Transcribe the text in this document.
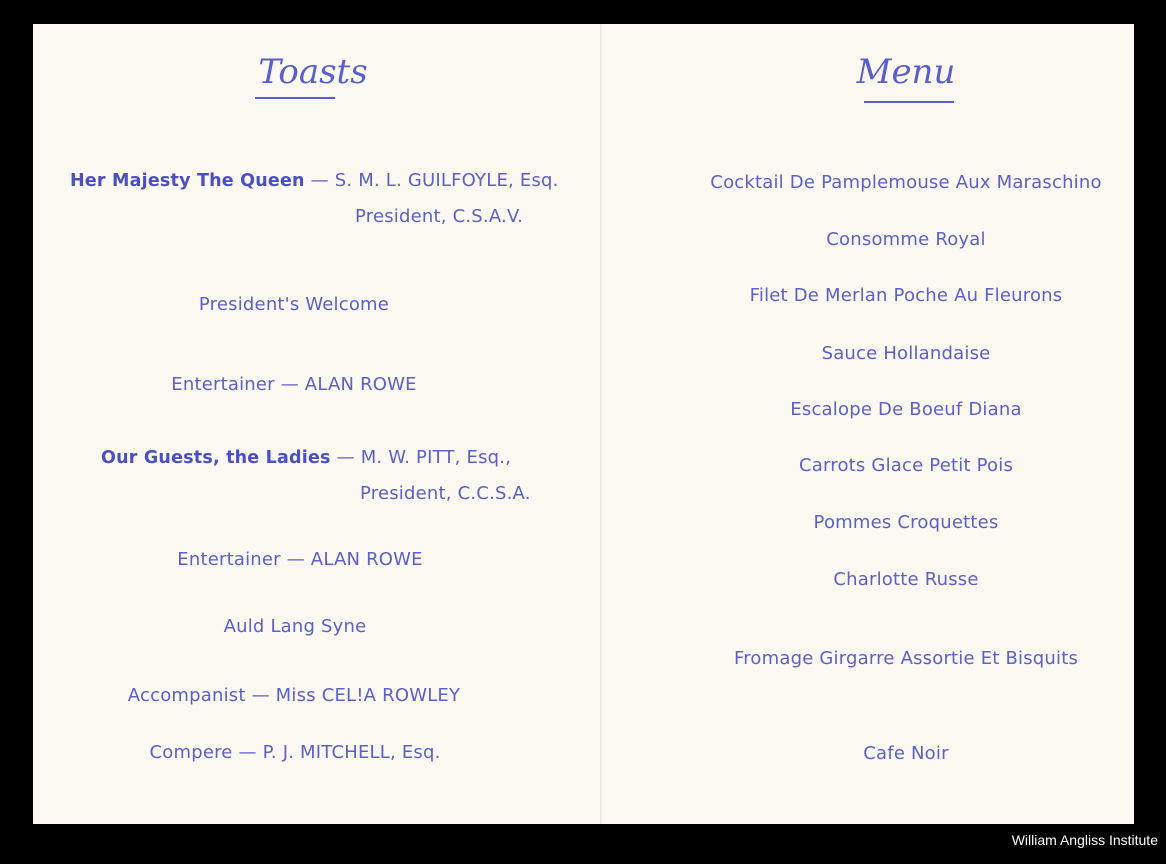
Toasts
Her Majesty The Queen — S. M. L. GUILFOYLE, Esq.
President, C.S.A.V.
President's Welcome
Entertainer — ALAN ROWE
Our Guests, the Ladies — M. W. PITT, Esq.,
President, C.C.S.A.
Entertainer — ALAN ROWE
Auld Lang Syne
Accompanist — Miss CEL!A ROWLEY
Compere — P. J. MITCHELL, Esq.
Menu
Cocktail De Pamplemouse Aux Maraschino
Consomme Royal
Filet De Merlan Poche Au Fleurons
Sauce Hollandaise
Escalope De Boeuf Diana
Carrots Glace Petit Pois
Pommes Croquettes
Charlotte Russe
Fromage Girgarre Assortie Et Bisquits
Cafe Noir
William Angliss Institute
